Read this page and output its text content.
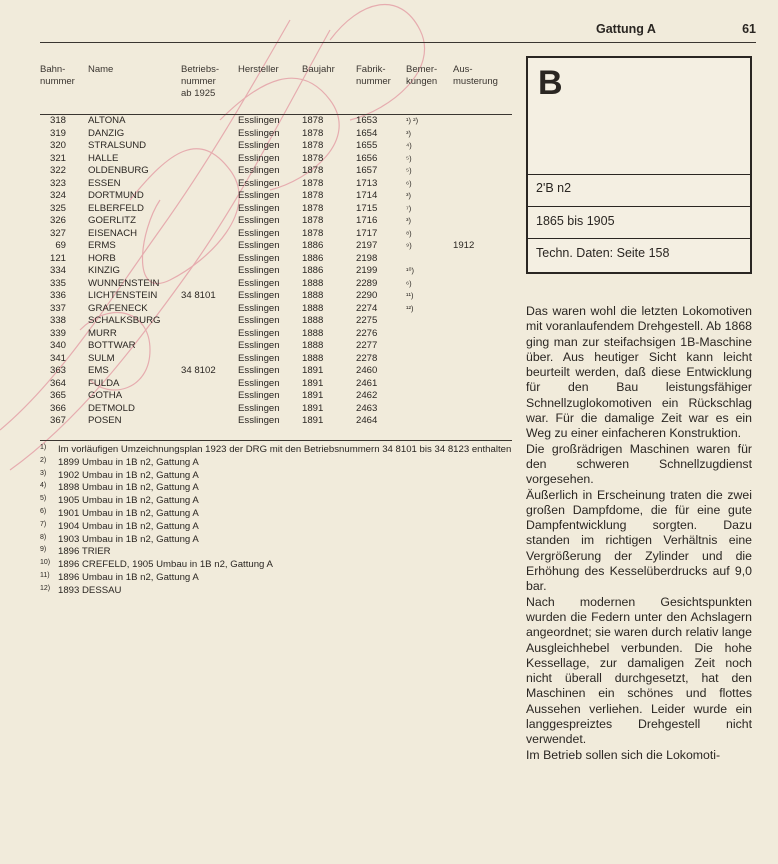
Gattung A	61
Bahn-
nummer
Name	Betriebs-
nummer
ab 1925
Hersteller Baujahr Fabrik-
nummer
Bemer-
kungen
Aus-
musterung
318 ALTONA	Esslingen 1878	1653	¹) ²)
319 DANZIG	Esslingen 1878	1654	³)
320 STRALSUND	Esslingen 1878	1655	⁴)
321 HALLE	Esslingen 1878	1656	⁵)
322 OLDENBURG	Esslingen 1878	1657	⁵)
323 ESSEN	Esslingen 1878	1713	⁶)
324 DORTMUND	Esslingen 1878	1714	³)
325 ELBERFELD	Esslingen 1878	1715	⁷)
326 GOERLITZ	Esslingen 1878	1716	³)
327 EISENACH	Esslingen 1878	1717	⁸)
69 ERMS	Esslingen 1886	2197	⁹)	1912
121 HORB	Esslingen 1886	2198
334 KINZIG	Esslingen 1886	2199	¹⁰)
335 WUNNENSTEIN	Esslingen 1888	2289	⁶)
336 LICHTENSTEIN 34 8101 Esslingen 1888	2290	¹¹)
337 GRAFENECK	Esslingen 1888	2274	¹²)
338 SCHALKSBURG	Esslingen 1888	2275
339 MURR	Esslingen 1888	2276
340 BOTTWAR	Esslingen 1888	2277
341 SULM	Esslingen 1888	2278
363 EMS	34 8102 Esslingen 1891	2460
364 FULDA	Esslingen 1891	2461
365 GOTHA	Esslingen 1891	2462
366 DETMOLD	Esslingen 1891	2463
367 POSEN	Esslingen 1891	2464
1) Im vorläufigen Umzeichnungsplan 1923 der DRG mit den Betriebsnummern 34 8101 bis 34 8123 enthalten
2) 1899 Umbau in 1B n2, Gattung A
3) 1902 Umbau in 1B n2, Gattung A
4) 1898 Umbau in 1B n2, Gattung A
5) 1905 Umbau in 1B n2, Gattung A
6) 1901 Umbau in 1B n2, Gattung A
7) 1904 Umbau in 1B n2, Gattung A
8) 1903 Umbau in 1B n2, Gattung A
9) 1896 TRIER
10) 1896 CREFELD, 1905 Umbau in 1B n2, Gattung A
11) 1896 Umbau in 1B n2, Gattung A
12) 1893 DESSAU
B
2'B n2
1865 bis 1905
Techn. Daten: Seite 158

Das waren wohl die letzten Lokomotiven mit voranlaufendem Drehgestell. Ab 1868 ging man zur steifachsigen 1B-Maschine über. Aus heutiger Sicht kann leicht beurteilt werden, daß diese Entwicklung für den Bau leistungsfähiger Schnellzuglokomotiven ein Rückschlag war. Für die damalige Zeit war es ein Weg zu einer einfacheren Konstruktion.

Die großrädrigen Maschinen waren für den schweren Schnellzugdienst vorgesehen.

Äußerlich in Erscheinung traten die zwei großen Dampfdome, die für eine gute Dampfentwicklung sorgten. Dazu standen im richtigen Verhältnis eine Vergrößerung der Zylinder und die Erhöhung des Kesselüberdrucks auf 9,0 bar.

Nach modernen Gesichtspunkten wurden die Federn unter den Achslagern angeordnet; sie waren durch relativ lange Ausgleichhebel verbunden. Die hohe Kessellage, zur damaligen Zeit noch nicht überall durchgesetzt, hat den Maschinen ein schönes und flottes Aussehen verliehen. Leider wurde ein langgespreiztes Drehgestell nicht verwendet.

Im Betrieb sollen sich die Lokomoti-
